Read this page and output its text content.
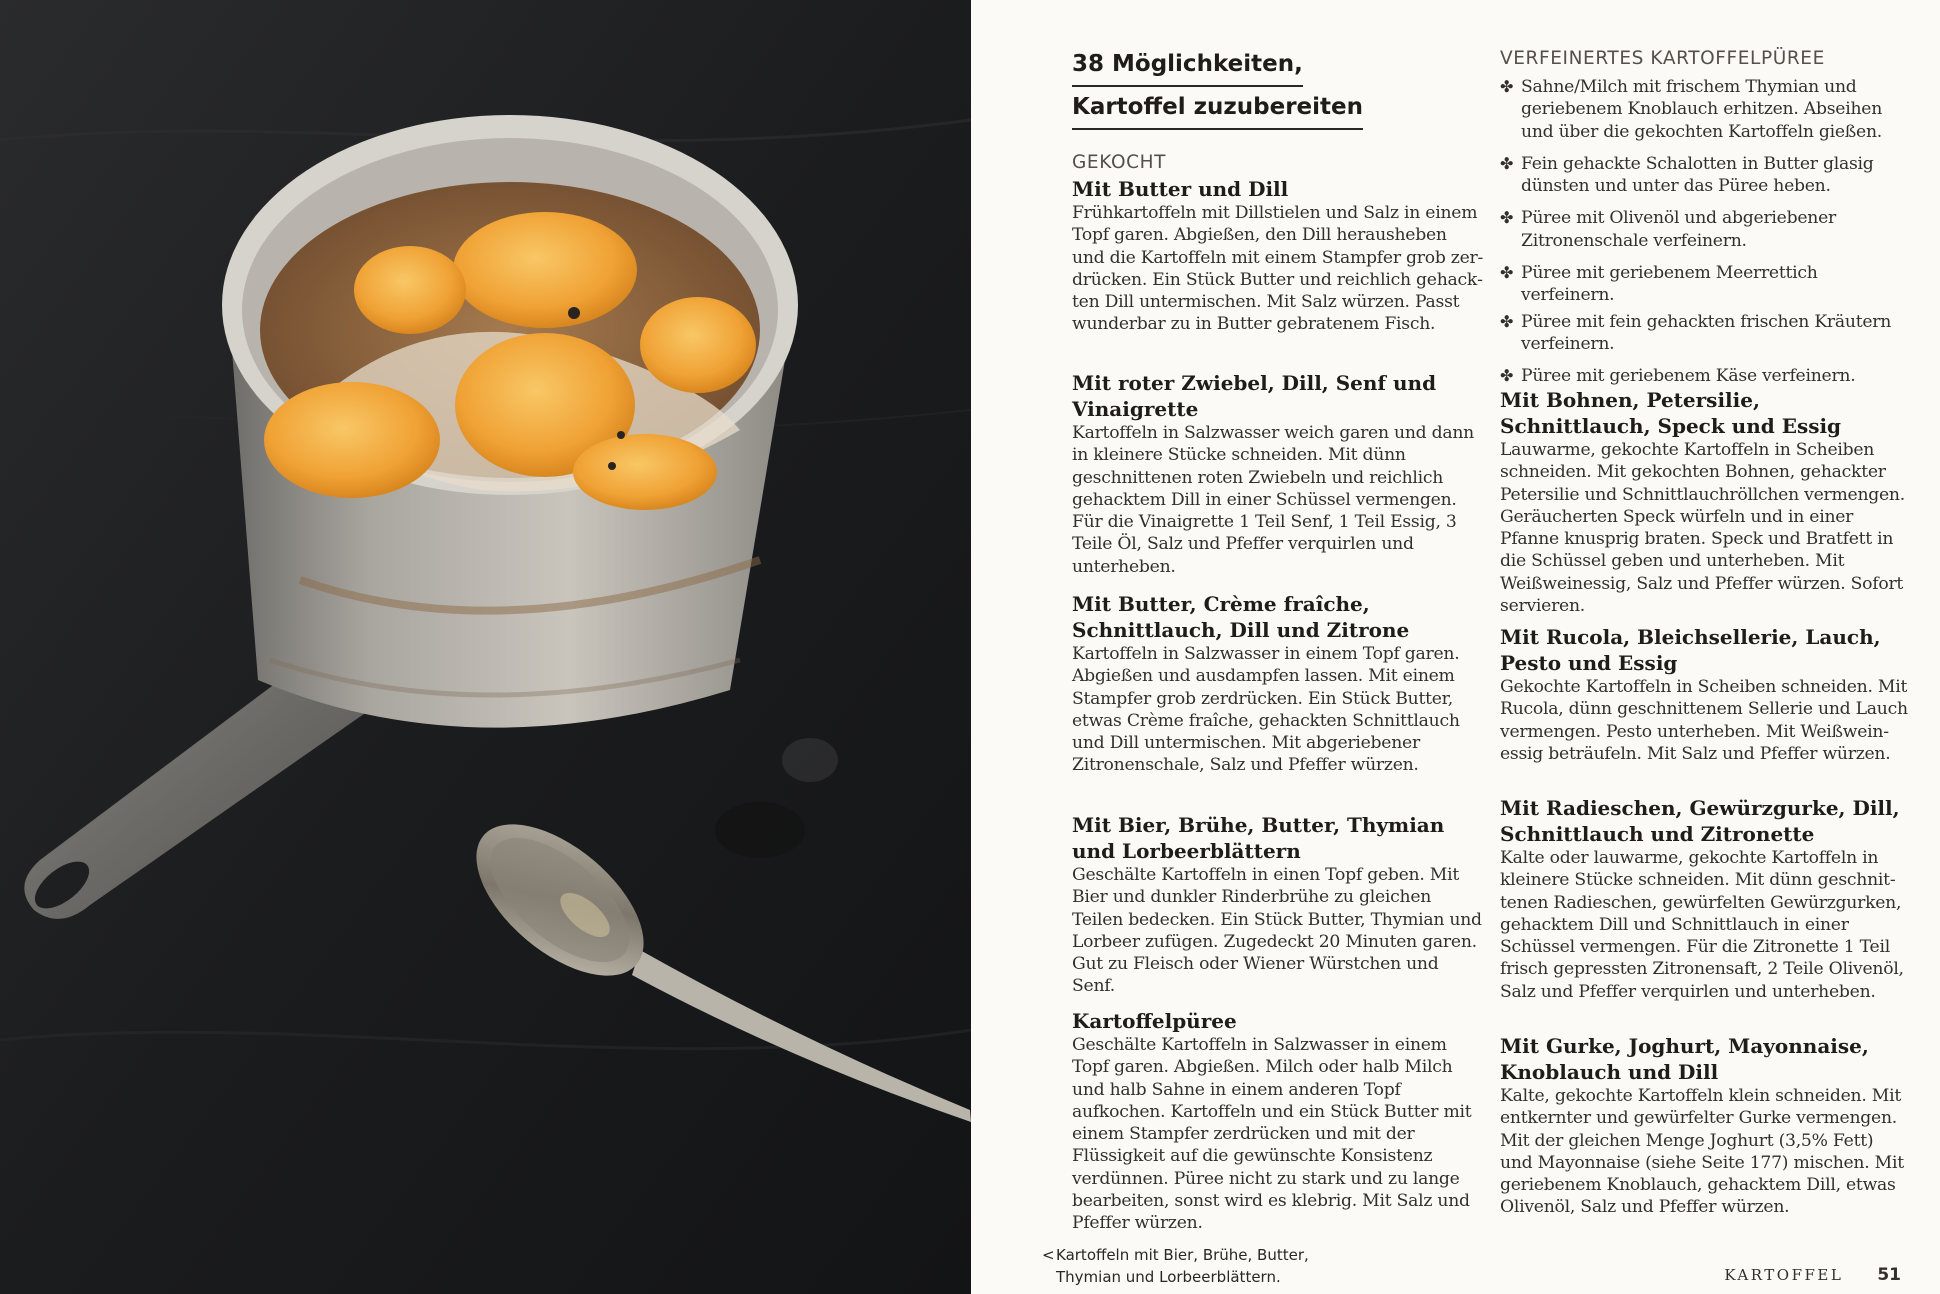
38 Möglichkeiten,
Kartoffel zuzubereiten
GEKOCHT
Mit Butter und Dill

Frühkartoffeln mit Dillstielen und Salz in einem Topf garen. Abgießen, den Dill herausheben und die Kartoffeln mit einem Stampfer grob zerdrücken. Ein Stück Butter und reichlich gehackten Dill untermischen. Mit Salz würzen. Passt wunderbar zu in Butter gebratenem Fisch.

Mit roter Zwiebel, Dill, Senf und Vinaigrette

Kartoffeln in Salzwasser weich garen und dann in kleinere Stücke schneiden. Mit dünn geschnittenen roten Zwiebeln und reichlich gehacktem Dill in einer Schüssel vermengen. Für die Vinaigrette 1 Teil Senf, 1 Teil Essig, 3 Teile Öl, Salz und Pfeffer verquirlen und unterheben.

Mit Butter, Crème fraîche, Schnittlauch, Dill und Zitrone

Kartoffeln in Salzwasser in einem Topf garen. Abgießen und ausdampfen lassen. Mit einem Stampfer grob zerdrücken. Ein Stück Butter, etwas Crème fraîche, gehackten Schnittlauch und Dill untermischen. Mit abgeriebener Zitronenschale, Salz und Pfeffer würzen.

Mit Bier, Brühe, Butter, Thymian und Lorbeerblättern

Geschälte Kartoffeln in einen Topf geben. Mit Bier und dunkler Rinderbrühe zu gleichen Teilen bedecken. Ein Stück Butter, Thymian und Lorbeer zufügen. Zugedeckt 20 Minuten garen. Gut zu Fleisch oder Wiener Würstchen und Senf.

Kartoffelpüree

Geschälte Kartoffeln in Salzwasser in einem Topf garen. Abgießen. Milch oder halb Milch und halb Sahne in einem anderen Topf aufkochen. Kartoffeln und ein Stück Butter mit einem Stampfer zerdrücken und mit der Flüssigkeit auf die gewünschte Konsistenz verdünnen. Püree nicht zu stark und zu lange bearbeiten, sonst wird es klebrig. Mit Salz und Pfeffer würzen.

VERFEINERTES KARTOFFELPÜREE
✤ Sahne/Milch mit frischem Thymian und geriebenem Knoblauch erhitzen. Abseihen und über die gekochten Kartoffeln gießen.
✤ Fein gehackte Schalotten in Butter glasig dünsten und unter das Püree heben.
✤ Püree mit Olivenöl und abgeriebener Zitronenschale verfeinern.
✤ Püree mit geriebenem Meerrettich verfeinern.
✤ Püree mit fein gehackten frischen Kräutern verfeinern.
✤ Püree mit geriebenem Käse verfeinern.
Mit Bohnen, Petersilie, Schnittlauch, Speck und Essig

Lauwarme, gekochte Kartoffeln in Scheiben schneiden. Mit gekochten Bohnen, gehackter Petersilie und Schnittlauchröllchen vermengen. Geräucherten Speck würfeln und in einer Pfanne knusprig braten. Speck und Bratfett in die Schüssel geben und unterheben. Mit Weißweinessig, Salz und Pfeffer würzen. Sofort servieren.

Mit Rucola, Bleichsellerie, Lauch, Pesto und Essig

Gekochte Kartoffeln in Scheiben schneiden. Mit Rucola, dünn geschnittenem Sellerie und Lauch vermengen. Pesto unterheben. Mit Weißweinessig beträufeln. Mit Salz und Pfeffer würzen.

Mit Radieschen, Gewürzgurke, Dill, Schnittlauch und Zitronette

Kalte oder lauwarme, gekochte Kartoffeln in kleinere Stücke schneiden. Mit dünn geschnittenen Radieschen, gewürfelten Gewürzgurken, gehacktem Dill und Schnittlauch in einer Schüssel vermengen. Für die Zitronette 1 Teil frisch gepressten Zitronensaft, 2 Teile Olivenöl, Salz und Pfeffer verquirlen und unterheben.

Mit Gurke, Joghurt, Mayonnaise, Knoblauch und Dill

Kalte, gekochte Kartoffeln klein schneiden. Mit entkernter und gewürfelter Gurke vermengen. Mit der gleichen Menge Joghurt (3,5% Fett) und Mayonnaise (siehe Seite 177) mischen. Mit geriebenem Knoblauch, gehacktem Dill, etwas Olivenöl, Salz und Pfeffer würzen.

< Kartoffeln mit Bier, Brühe, Butter,
Thymian und Lorbeerblättern.	KARTOFFEL 51
